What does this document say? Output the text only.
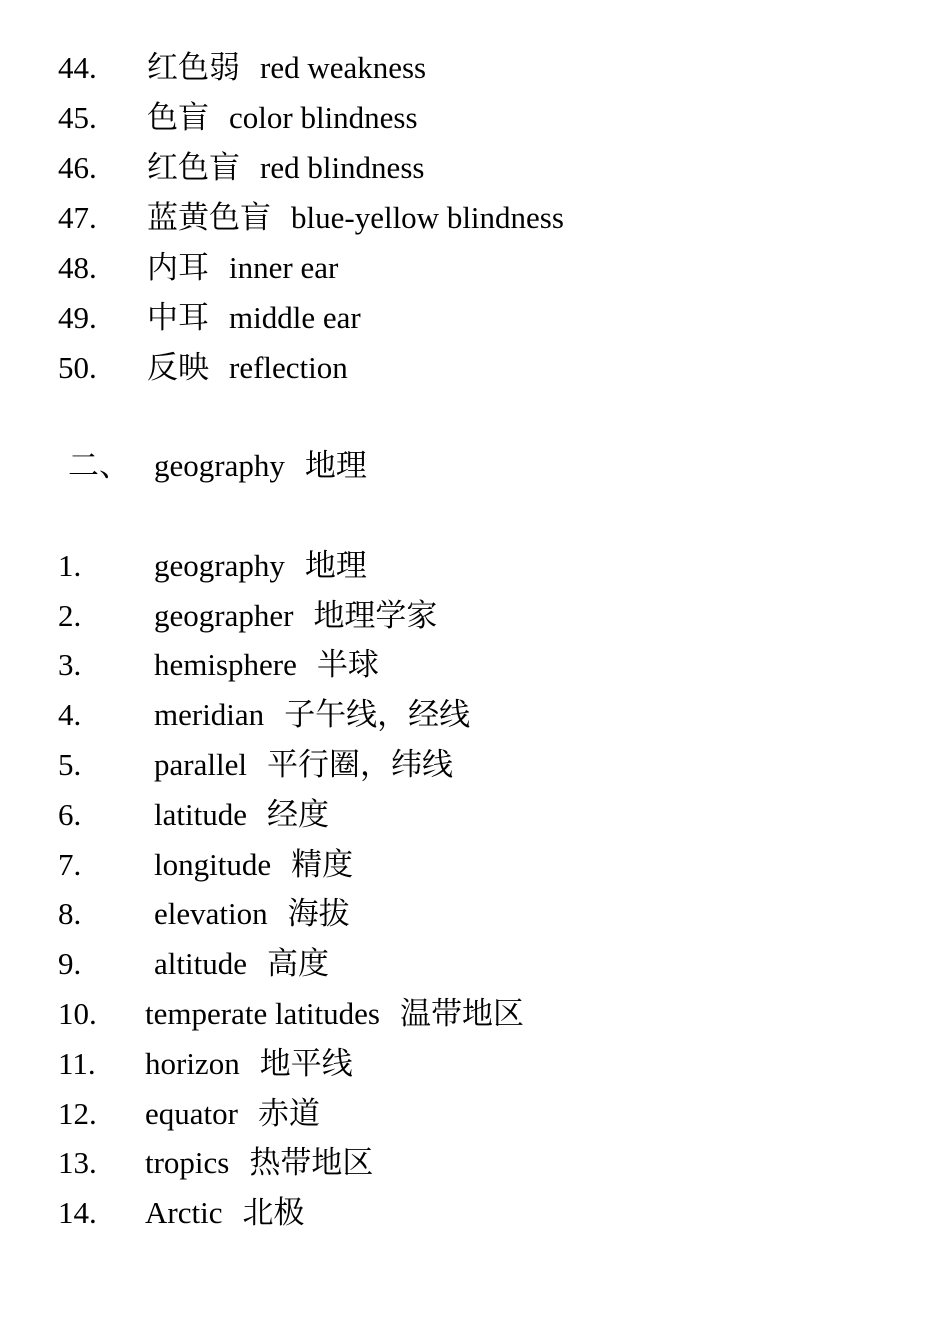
44.	红色弱 red weakness
45.	色盲 color blindness
46.	红色盲 red blindness
47.	蓝黄色盲 blue-yellow blindness
48.	内耳 inner ear
49.	中耳 middle ear
50.	反映 reflection
二、 geography 地理
1.	geography 地理
2.	geographer 地理学家
3.	hemisphere 半球
4.	meridian 子午线，经线
5.	parallel 平行圈，纬线
6.	latitude 经度
7.	longitude 精度
8.	elevation 海拔
9.	altitude 高度
10.	temperate latitudes 温带地区
11.	horizon 地平线
12.	equator 赤道
13.	tropics 热带地区
14.	Arctic 北极
